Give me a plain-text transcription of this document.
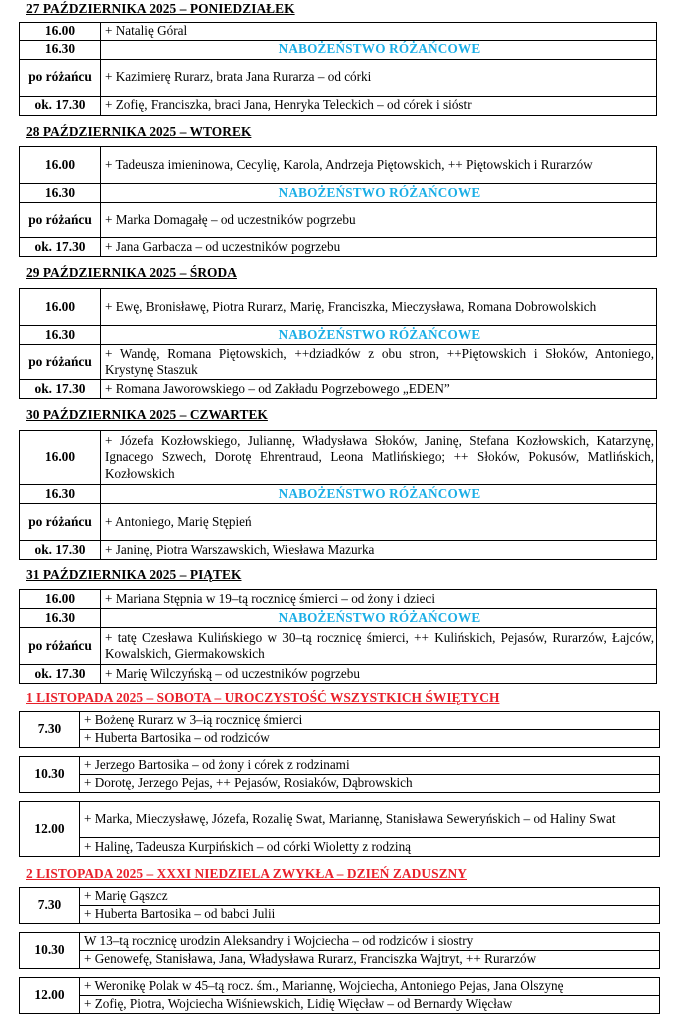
27 PAŹDZIERNIKA 2025 – PONIEDZIAŁEK
16.00	+ Natalię Góral
16.30	NABOŻEŃSTWO RÓŻAŃCOWE
po różańcu	+ Kazimierę Rurarz, brata Jana Rurarza – od córki
ok. 17.30	+ Zofię, Franciszka, braci Jana, Henryka Teleckich – od córek i sióstr
28 PAŹDZIERNIKA 2025 – WTOREK
16.00	+ Tadeusza imieninowa, Cecylię, Karola, Andrzeja Piętowskich, ++ Piętowskich i Rurarzów
16.30	NABOŻEŃSTWO RÓŻAŃCOWE
po różańcu	+ Marka Domagałę – od uczestników pogrzebu
ok. 17.30	+ Jana Garbacza – od uczestników pogrzebu
29 PAŹDZIERNIKA 2025 – ŚRODA
16.00	+ Ewę, Bronisławę, Piotra Rurarz, Marię, Franciszka, Mieczysława, Romana Dobrowolskich
16.30	NABOŻEŃSTWO RÓŻAŃCOWE
po różańcu	+ Wandę, Romana Piętowskich, ++dziadków z obu stron, ++Piętowskich i Słoków, Antoniego, Krystynę Staszuk
ok. 17.30	+ Romana Jaworowskiego – od Zakładu Pogrzebowego „EDEN”
30 PAŹDZIERNIKA 2025 – CZWARTEK
16.00	+ Józefa Kozłowskiego, Juliannę, Władysława Słoków, Janinę, Stefana Kozłowskich, Katarzynę, Ignacego Szwech, Dorotę Ehrentraud, Leona Matlińskiego; ++ Słoków, Pokusów, Matlińskich, Kozłowskich
16.30	NABOŻEŃSTWO RÓŻAŃCOWE
po różańcu	+ Antoniego, Marię Stępień
ok. 17.30	+ Janinę, Piotra Warszawskich, Wiesława Mazurka
31 PAŹDZIERNIKA 2025 – PIĄTEK
16.00	+ Mariana Stępnia w 19–tą rocznicę śmierci – od żony i dzieci
16.30	NABOŻEŃSTWO RÓŻAŃCOWE
po różańcu	+ tatę Czesława Kulińskiego w 30–tą rocznicę śmierci, ++ Kulińskich, Pejasów, Rurarzów, Łajców, Kowalskich, Giermakowskich
ok. 17.30	+ Marię Wilczyńską – od uczestników pogrzebu
1 LISTOPADA 2025 – SOBOTA – UROCZYSTOŚĆ WSZYSTKICH ŚWIĘTYCH
7.30	+ Bożenę Rurarz w 3–ią rocznicę śmierci
+ Huberta Bartosika – od rodziców
10.30	+ Jerzego Bartosika – od żony i córek z rodzinami
+ Dorotę, Jerzego Pejas, ++ Pejasów, Rosiaków, Dąbrowskich
12.00	+ Marka, Mieczysławę, Józefa, Rozalię Swat, Mariannę, Stanisława Seweryńskich – od Haliny Swat
+ Halinę, Tadeusza Kurpińskich – od córki Wioletty z rodziną
2 LISTOPADA 2025 – XXXI NIEDZIELA ZWYKŁA – DZIEŃ ZADUSZNY
7.30	+ Marię Gąszcz
+ Huberta Bartosika – od babci Julii
10.30	W 13–tą rocznicę urodzin Aleksandry i Wojciecha – od rodziców i siostry
+ Genowefę, Stanisława, Jana, Władysława Rurarz, Franciszka Wajtryt, ++ Rurarzów
12.00	+ Weronikę Polak w 45–tą rocz. śm., Mariannę, Wojciecha, Antoniego Pejas, Jana Olszynę
+ Zofię, Piotra, Wojciecha Wiśniewskich, Lidię Więcław – od Bernardy Więcław
